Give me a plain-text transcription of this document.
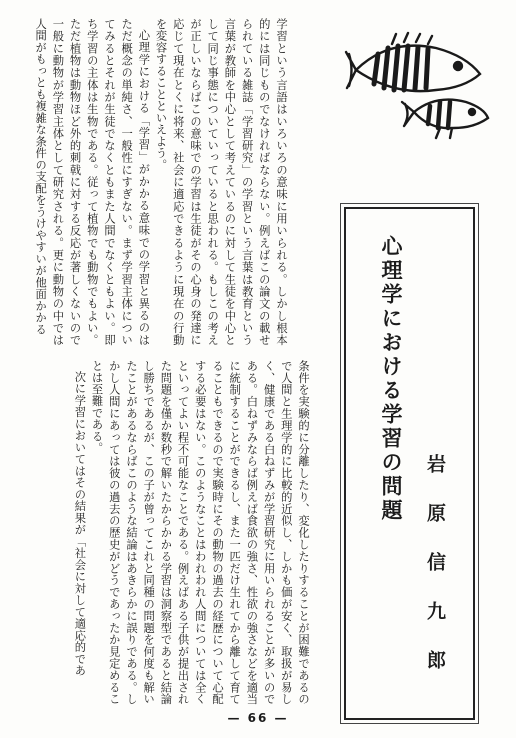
学習という言語はいろいろの意味に用いられる。しかし根本的には同じものでなければならない。例えばこの論文の載せられている雑誌「学習研究」の学習という言葉は教育という言葉が教師を中心として考えているのに対して生徒を中心として同じ事態についていっていると思われる。もしこの考えが正しいならばこの意味での学習は生徒がその心身の発達に応じて現在とくに将来、社会に適応できるように現在の行動を変容することといえよう。

心理学における「学習」がかかる意味での学習と異るのはただ概念の単純さ、一般性にすぎない。まず学習主体についてみるとそれが生徒でなくともまた人間でなくともよい。即ち学習の主体は生物である。従って植物でも動物でもよい。ただ植物は動物ほど外的刺戟に対する反応が著しくないので一般に動物が学習主体として研究される。更に動物の中では人間がもっとも複雑な条件の支配をうけやすいが他面かかる

心理学における学習の問題

岩原信九郎

条件を実験的に分離したり、変化したりすることが困難であるので人間と生理学的に比較的近似し、しかも価が安く、取扱が易しく、健康である白ねずみが学習研究に用いられることが多いのである。白ねずみならば例えば食欲の強さ、性欲の強さなどを適当に統制することができるし、また一匹だけ生れてから離して育てることもできるので実験時にその動物の過去の経歴について心配する必要はない。このようなことはわれわれ人間については全くといってよい程不可能なことである。例えばある子供が提出された問題を僅か数秒で解いたからかかる学習は洞察型であると結論し勝ちであるが、この子が曾ってこれと同種の問題を何度も解いたことがあるならばこのような結論はあきらかに誤りである。しかし人間にあっては彼の過去の歴史がどうであったか見定めることは至難である。

次に学習においてはその結果が「社会に対して適応的であ

— 66 —
